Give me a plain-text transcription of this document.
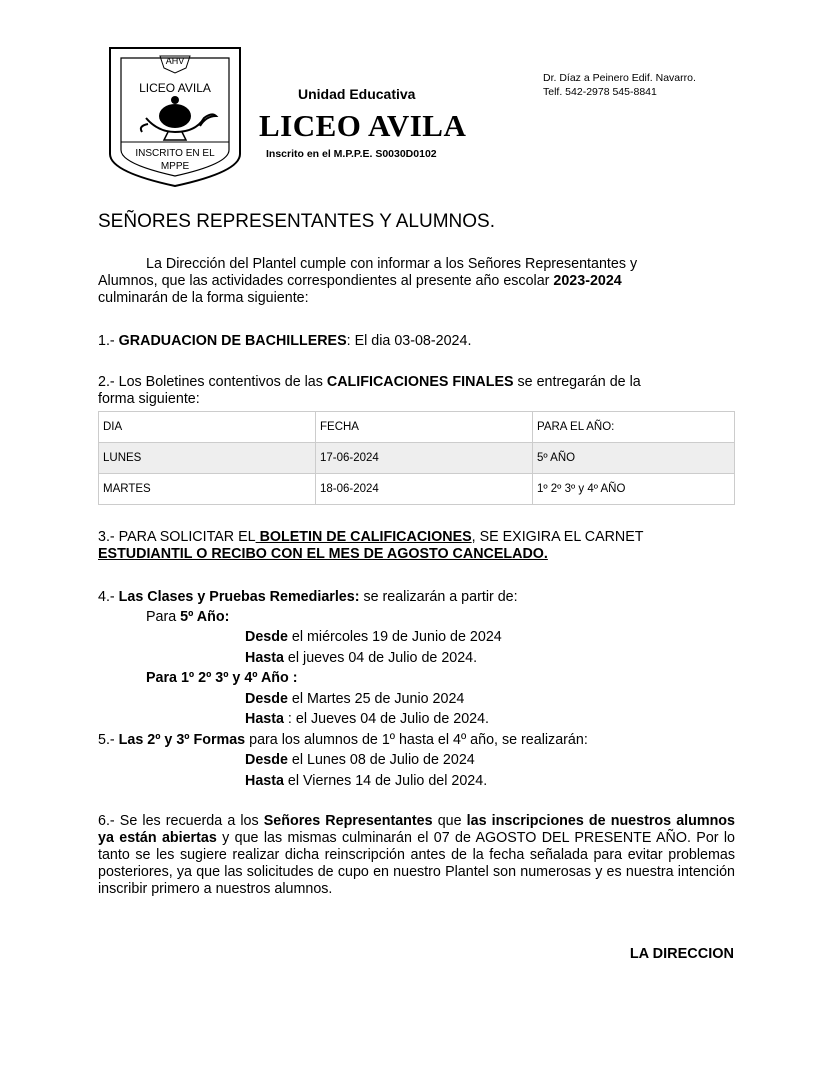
AHV
LICEO AVILA
INSCRITO EN EL
MPPE
Unidad Educativa
LICEO AVILA
Inscrito en el M.P.P.E. S0030D0102
Dr. Díaz a Peinero Edif. Navarro.
Telf. 542-2978 545-8841
SEÑORES REPRESENTANTES Y ALUMNOS.
La Dirección del Plantel cumple con informar a los Señores Representantes y
Alumnos, que las actividades correspondientes al presente año escolar 2023-2024
culminarán de la forma siguiente:
1.- GRADUACION DE BACHILLERES: El dia 03-08-2024.
2.- Los Boletines contentivos de las CALIFICACIONES FINALES se entregarán de la
forma siguiente:
DIA	FECHA	PARA EL AÑO:
LUNES	17-06-2024	5º AÑO
MARTES	18-06-2024	1º 2º 3º y 4º AÑO
3.- PARA SOLICITAR EL BOLETIN DE CALIFICACIONES, SE EXIGIRA EL CARNET
ESTUDIANTIL O RECIBO CON EL MES DE AGOSTO CANCELADO.
4.- Las Clases y Pruebas Remediarles: se realizarán a partir de:
Para 5º Año:
Desde el miércoles 19 de Junio de 2024
Hasta el jueves 04 de Julio de 2024.
Para 1º 2º 3º y 4º Año :
Desde el Martes 25 de Junio 2024
Hasta : el Jueves 04 de Julio de 2024.
5.- Las 2º y 3º Formas para los alumnos de 1º hasta el 4º año, se realizarán:
Desde el Lunes 08 de Julio de 2024
Hasta el Viernes 14 de Julio del 2024.
6.- Se les recuerda a los Señores Representantes que las inscripciones de nuestros alumnos ya están abiertas y que las mismas culminarán el 07 de AGOSTO DEL PRESENTE AÑO. Por lo tanto se les sugiere realizar dicha reinscripción antes de la fecha señalada para evitar problemas posteriores, ya que las solicitudes de cupo en nuestro Plantel son numerosas y es nuestra intención inscribir primero a nuestros alumnos.
LA DIRECCION
